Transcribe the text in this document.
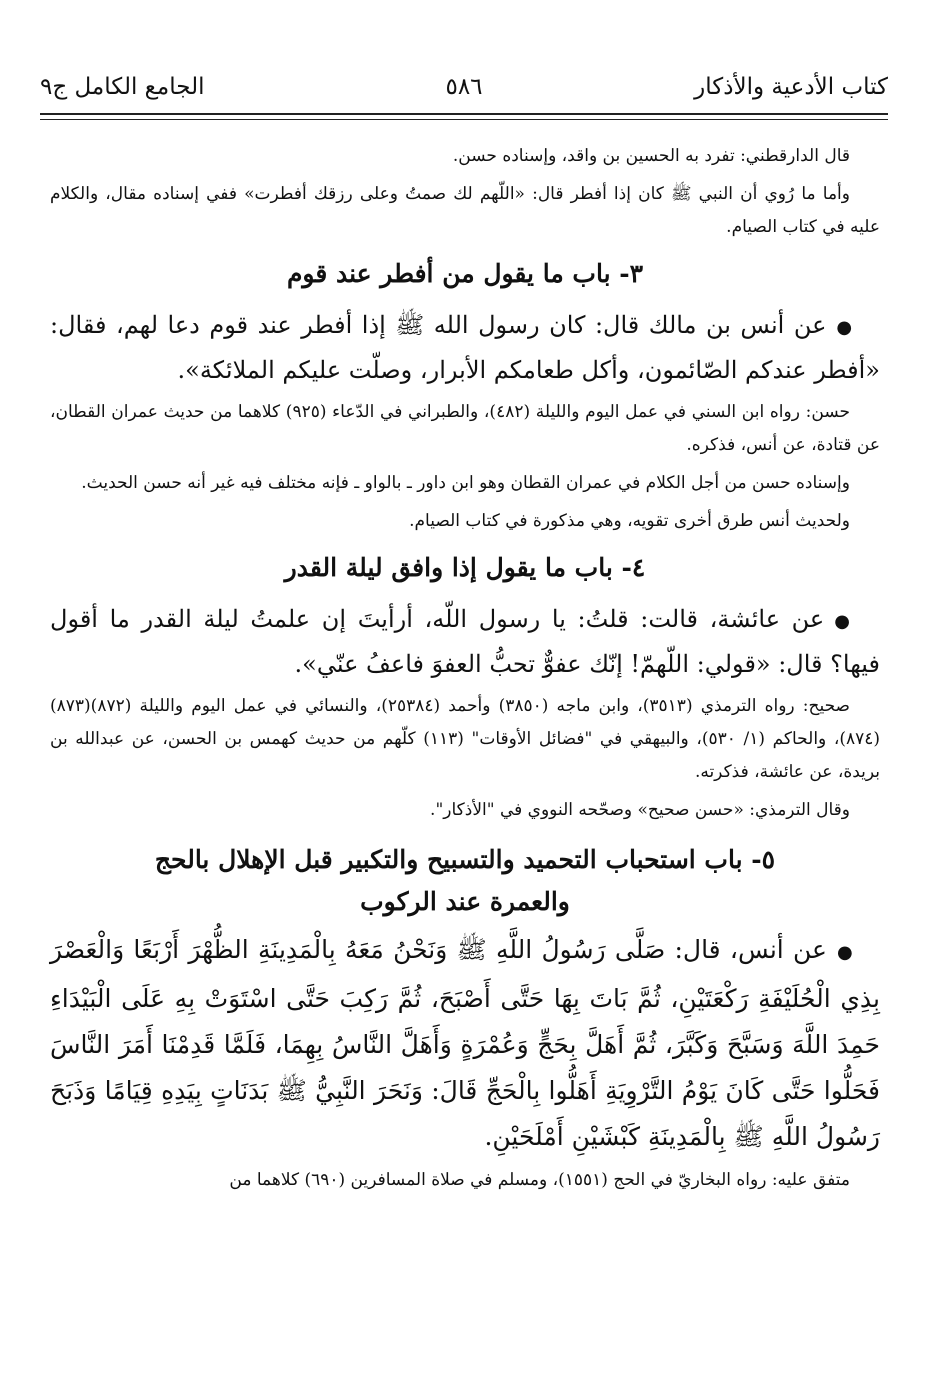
كتاب الأدعية والأذكار
٥٨٦
الجامع الكامل ج٩

قال الدارقطني: تفرد به الحسين بن واقد، وإسناده حسن.

وأما ما رُوي أن النبي ﷺ كان إذا أفطر قال: «اللّهم لك صمتُ وعلى رزقك أفطرت» ففي إسناده مقال، والكلام عليه في كتاب الصيام.

٣- باب ما يقول من أفطر عند قوم

●عن أنس بن مالك قال: كان رسول الله ﷺ إذا أفطر عند قوم دعا لهم، فقال: «أفطر عندكم الصّائمون، وأكل طعامكم الأبرار، وصلّت عليكم الملائكة».

حسن: رواه ابن السني في عمل اليوم والليلة (٤٨٢)، والطبراني في الدّعاء (٩٢٥) كلاهما من حديث عمران القطان، عن قتادة، عن أنس، فذكره.

وإسناده حسن من أجل الكلام في عمران القطان وهو ابن داور ـ بالواو ـ فإنه مختلف فيه غير أنه حسن الحديث.

ولحديث أنس طرق أخرى تقويه، وهي مذكورة في كتاب الصيام.

٤- باب ما يقول إذا وافق ليلة القدر

●عن عائشة، قالت: قلتُ: يا رسول اللّه، أرأيتَ إن علمتُ ليلة القدر ما أقول فيها؟ قال: «قولي: اللّهمّ! إنّك عفوٌّ تحبُّ العفوَ فاعفُ عنّي».

صحيح: رواه الترمذي (٣٥١٣)، وابن ماجه (٣٨٥٠) وأحمد (٢٥٣٨٤)، والنسائي في عمل اليوم والليلة (٨٧٢)(٨٧٣)(٨٧٤)، والحاكم (١/ ٥٣٠)، والبيهقي في "فضائل الأوقات" (١١٣) كلّهم من حديث كهمس بن الحسن، عن عبدالله بن بريدة، عن عائشة، فذكرته.

وقال الترمذي: «حسن صحيح» وصحّحه النووي في "الأذكار".

٥- باب استحباب التحميد والتسبيح والتكبير قبل الإهلال بالحج
والعمرة عند الركوب

●عن أنس، قال: صَلَّى رَسُولُ اللَّهِ ﷺ وَنَحْنُ مَعَهُ بِالْمَدِينَةِ الظُّهْرَ أَرْبَعًا وَالْعَصْرَ بِذِي الْحُلَيْفَةِ رَكْعَتَيْنِ، ثُمَّ بَاتَ بِهَا حَتَّى أَصْبَحَ، ثُمَّ رَكِبَ حَتَّى اسْتَوَتْ بِهِ عَلَى الْبَيْدَاءِ حَمِدَ اللَّهَ وَسَبَّحَ وَكَبَّرَ، ثُمَّ أَهَلَّ بِحَجٍّ وَعُمْرَةٍ وَأَهَلَّ النَّاسُ بِهِمَا، فَلَمَّا قَدِمْنَا أَمَرَ النَّاسَ فَحَلُّوا حَتَّى كَانَ يَوْمُ التَّرْوِيَةِ أَهَلُّوا بِالْحَجِّ قَالَ: وَنَحَرَ النَّبِيُّ ﷺ بَدَنَاتٍ بِيَدِهِ قِيَامًا وَذَبَحَ رَسُولُ اللَّهِ ﷺ بِالْمَدِينَةِ كَبْشَيْنِ أَمْلَحَيْنِ.

متفق عليه: رواه البخاريّ في الحج (١٥٥١)، ومسلم في صلاة المسافرين (٦٩٠) كلاهما من
